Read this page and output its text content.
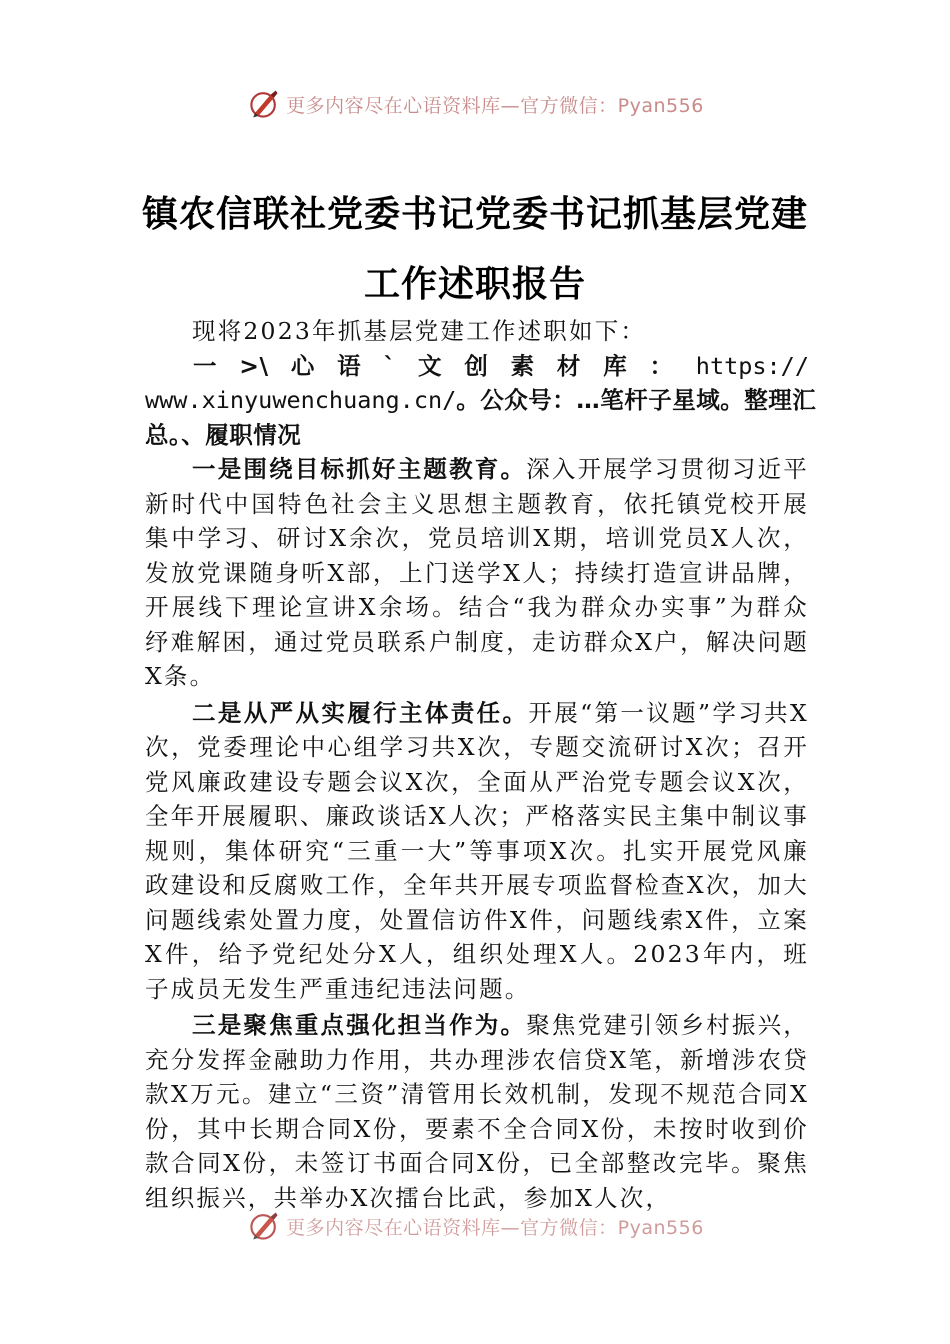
更多内容尽在心语资料库—官方微信：Pyan556
镇农信联社党委书记党委书记抓基层党建
工作述职报告

现将2023年抓基层党建工作述职如下：

一 >\ 心 语 ` 文 创 素 材 库 ： https://
www.xinyuwenchuang.cn/。公众号：…笔杆子星域。整理汇
总。、履职情况

一是围绕目标抓好主题教育。深入开展学习贯彻习近平新时代中国特色社会主义思想主题教育，依托镇党校开展集中学习、研讨X余次，党员培训X期，培训党员X人次，发放党课随身听X部，上门送学X人；持续打造宣讲品牌，开展线下理论宣讲X余场。结合“我为群众办实事”为群众纾难解困，通过党员联系户制度，走访群众X户，解决问题X条。

二是从严从实履行主体责任。开展“第一议题”学习共X次，党委理论中心组学习共X次，专题交流研讨X次；召开党风廉政建设专题会议X次，全面从严治党专题会议X次，全年开展履职、廉政谈话X人次；严格落实民主集中制议事规则，集体研究“三重一大”等事项X次。扎实开展党风廉政建设和反腐败工作，全年共开展专项监督检查X次，加大问题线索处置力度，处置信访件X件，问题线索X件，立案X件，给予党纪处分X人，组织处理X人。2023年内，班子成员无发生严重违纪违法问题。

三是聚焦重点强化担当作为。聚焦党建引领乡村振兴，充分发挥金融助力作用，共办理涉农信贷X笔，新增涉农贷款X万元。建立“三资”清管用长效机制，发现不规范合同X份，其中长期合同X份，要素不全合同X份，未按时收到价款合同X份，未签订书面合同X份，已全部整改完毕。聚焦组织振兴，共举办X次擂台比武，参加X人次，

更多内容尽在心语资料库—官方微信：Pyan556
